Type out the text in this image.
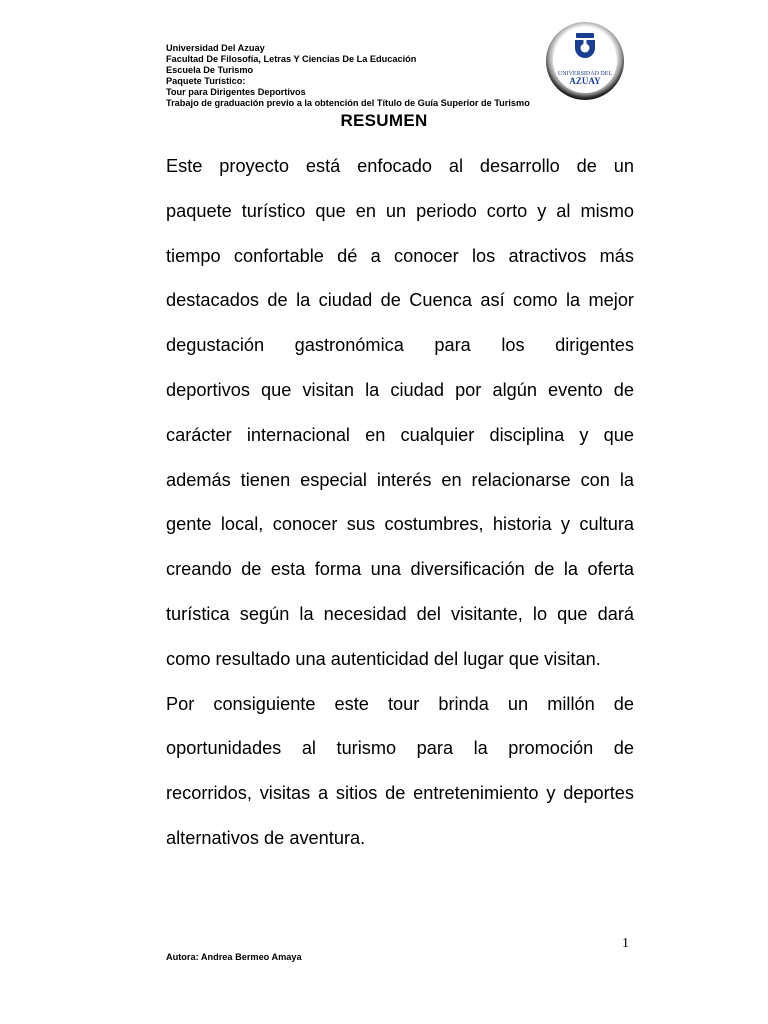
Universidad Del Azuay
Facultad De Filosofía, Letras Y Ciencias De La Educación
Escuela De Turismo
Paquete Turístico:
Tour para Dirigentes Deportivos
Trabajo de graduación previo a la obtención del Título de Guía Superior de Turismo
UNIVERSIDAD DEL
AZUAY
RESUMEN
Este proyecto está enfocado al desarrollo de un
paquete turístico que en un periodo corto y al mismo
tiempo confortable dé a conocer los atractivos más
destacados de la ciudad de Cuenca así como la mejor
degustación gastronómica para los dirigentes
deportivos que visitan la ciudad por algún evento de
carácter internacional en cualquier disciplina y que
además tienen especial interés en relacionarse con la
gente local, conocer sus costumbres, historia y cultura
creando de esta forma una diversificación de la oferta
turística según la necesidad del visitante, lo que dará
como resultado una autenticidad del lugar que visitan.
Por consiguiente este tour brinda un millón de
oportunidades al turismo para la promoción de
recorridos, visitas a sitios de entretenimiento y deportes
alternativos de aventura.
1
Autora: Andrea Bermeo Amaya
